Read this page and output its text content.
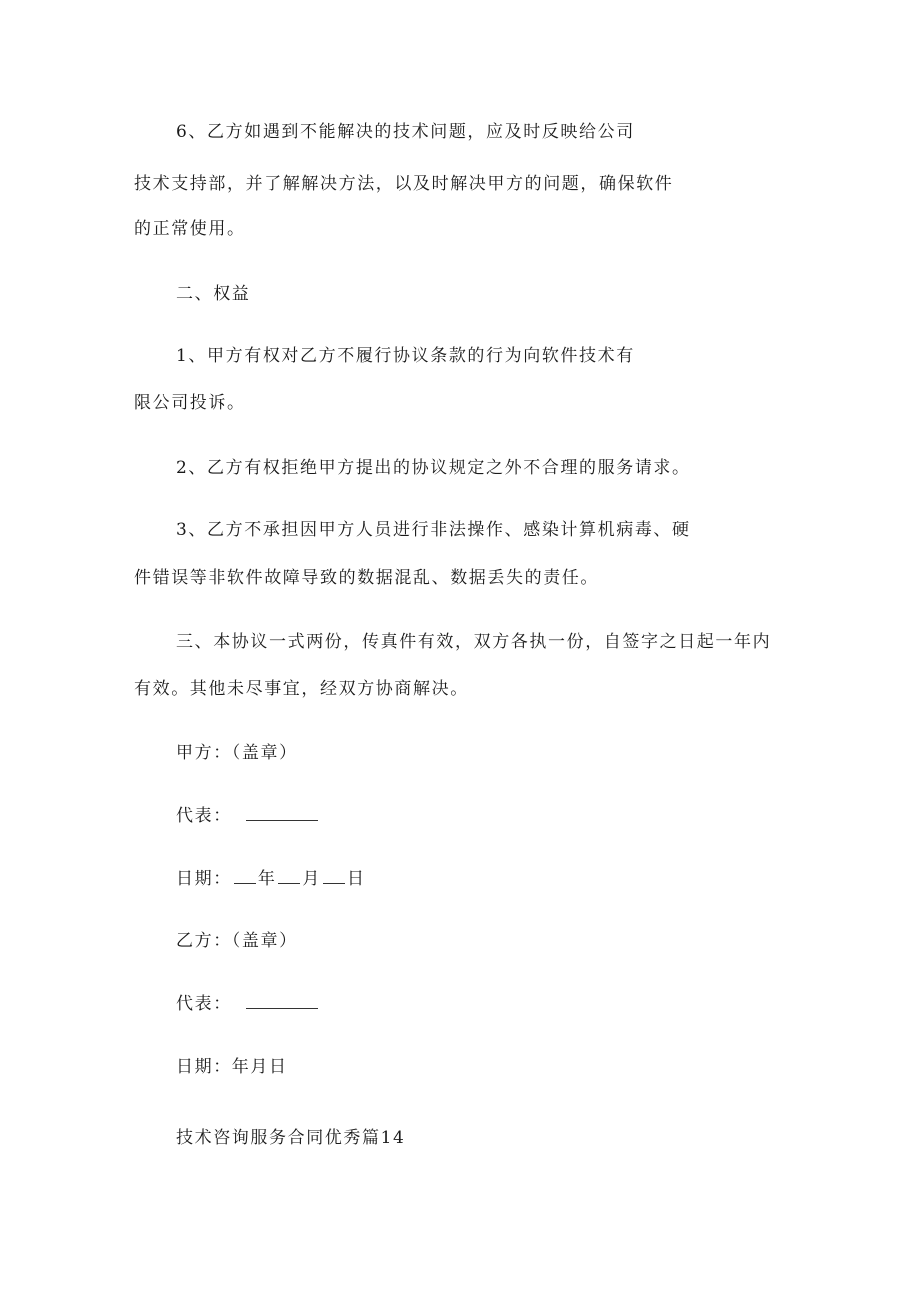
6、乙方如遇到不能解决的技术问题，应及时反映给公司
技术支持部，并了解解决方法，以及时解决甲方的问题，确保软件
的正常使用。
二、权益
1、甲方有权对乙方不履行协议条款的行为向软件技术有
限公司投诉。
2、乙方有权拒绝甲方提出的协议规定之外不合理的服务请求。
3、乙方不承担因甲方人员进行非法操作、感染计算机病毒、硬
件错误等非软件故障导致的数据混乱、数据丢失的责任。
三、本协议一式两份，传真件有效，双方各执一份，自签字之日起一年内
有效。其他未尽事宜，经双方协商解决。
甲方：（盖章）
代表：
日期： 年 月 日
乙方：（盖章）
代表：
日期：年月日
技术咨询服务合同优秀篇14
